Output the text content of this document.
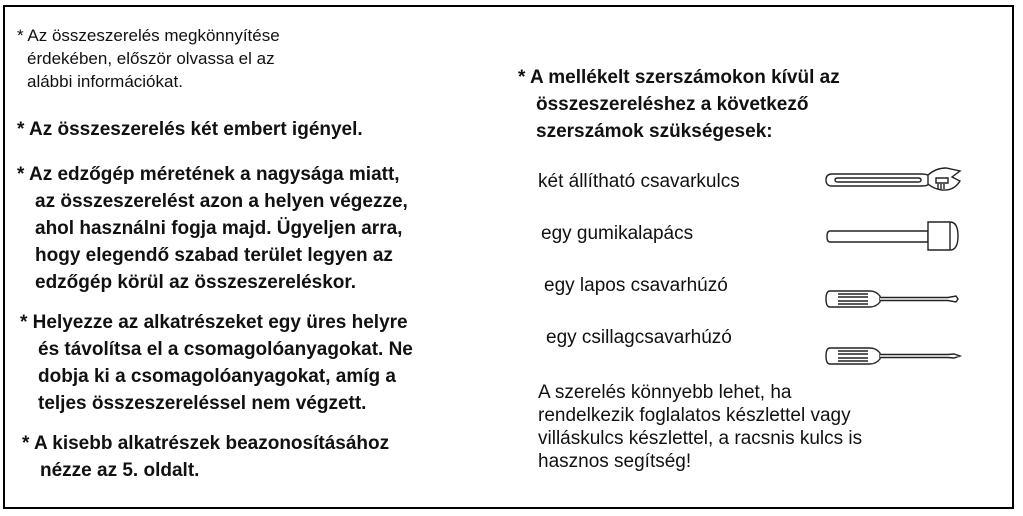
* Az összeszerelés megkönnyítése
érdekében, először olvassa el az
alábbi információkat.
* Az összeszerelés két embert igényel.
* Az edzőgép méretének a nagysága miatt,
az összeszerelést azon a helyen végezze,
ahol használni fogja majd. Ügyeljen arra,
hogy elegendő szabad terület legyen az
edzőgép körül az összeszereléskor.
* Helyezze az alkatrészeket egy üres helyre
és távolítsa el a csomagolóanyagokat. Ne
dobja ki a csomagolóanyagokat, amíg a
teljes összeszereléssel nem végzett.
* A kisebb alkatrészek beazonosításához
nézze az 5. oldalt.
* A mellékelt szerszámokon kívül az
összeszereléshez a következő
szerszámok szükségesek:
két állítható csavarkulcs
egy gumikalapács
egy lapos csavarhúzó
egy csillagcsavarhúzó
A szerelés könnyebb lehet, ha
rendelkezik foglalatos készlettel vagy
villáskulcs készlettel, a racsnis kulcs is
hasznos segítség!
